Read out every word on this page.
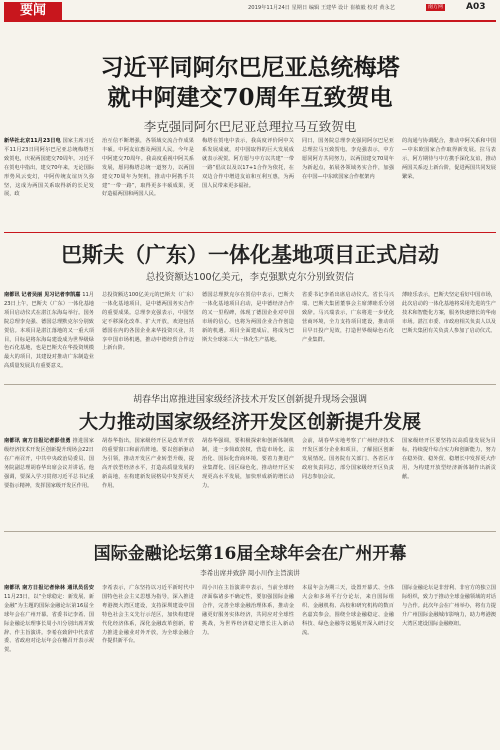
要闻	2019年11月24日 星期日 编辑 王建华 设计 崔敏毅 校对 黄永艺	南方网	A03
习近平同阿尔巴尼亚总统梅塔
就中阿建交70周年互致贺电
李克强同阿尔巴尼亚总理拉马互致贺电
新华社北京11月23日电 国家主席习近平11月23日同阿尔巴尼亚总统梅塔互致贺电，庆祝两国建交70周年。习近平在贺电中指出，建交70年来，无论国际形势风云变幻，中阿传统友谊历久弥坚，这成为两国关系取得新的长足发展，政
治互信不断增强，各领域交流合作成果丰硕。中阿友谊惠及两国人民。今年是中阿建交70周年。我高度重视中阿关系发展，愿同梅塔总统一道努力，以两国建交70周年为契机，推动中阿携手共建“一带一路”，取得更多丰硕成果，更好造福两国和两国人民。
梅塔在贺电中表示，我高度评价阿中关系发展成就，对中国取得的巨大发展成就表示祝贺。阿方愿与中方以共建“一带一路”倡议以及以17+1合作为依托，在双边合作中增进友谊和互利互惠，为两国人民带来更多福祉。
同日，国务院总理李克强同阿尔巴尼亚总理拉马互致贺电。李克强表示，中方愿同阿方共同努力，以两国建交70周年为新起点，拓展各领域务实合作，加强在中国—中东欧国家合作框架内
的沟通与协调配合，推动中阿关系和中国—中东欧国家合作取得新发展。拉马表示，阿方期待与中方携手深化友谊，推动两国关系迈上新台阶，促进两国共同发展繁荣。
巴斯夫（广东）一体化基地项目正式启动
总投资额达100亿美元，李克强默克尔分别致贺信
南都讯 记者吴丽 见习记者李凯嘉 11月23日上午，巴斯夫（广东）一体化基地项目启动仪式在湛江东海岛举行。国务院总理李克强、德国总理默克尔分别致贺信。本项目是湛江落地的又一重大项目，目标是将东海岛建设成为世界级绿色石化基地，也是巴斯夫在华投资规模最大的项目，其建设对推动广东制造业高质量发展具有重要意义。
总投资额达100亿美元的巴斯夫（广东）一体化基地项目，是中德两国务实合作的重要成果。总理李克强表示，中国坚定不移深化改革、扩大开放，欢迎包括德国在内的各国企业来华投资兴业，共享中国市场机遇，推动中德经贸合作迈上新台阶。
德国总理默克尔在贺信中表示，巴斯夫一体化基地项目启动，是中德经济合作的又一里程碑，体现了德国企业对中国市场的信心，也将为两国企业合作创造新的机遇。项目全面建成后，将成为巴斯夫全球第三大一体化生产基地。
省委书记李希出席启动仪式。省长马兴瑞、巴斯夫集团董事会主席薄睦乐分别致辞。马兴瑞表示，广东将进一步优化营商环境，全力支持项目建设，推动项目早日投产见效，打造世界级绿色石化产业集群。
薄睦乐表示，巴斯夫坚定看好中国市场，此次启动的一体化基地将采用先进的生产技术和智能化方案，服务快速增长的华南市场。湛江市委、市政府相关负责人以及巴斯夫集团有关负责人参加了启动仪式。
胡春华出席推进国家级经济技术开发区创新提升现场会强调
大力推动国家级经济开发区创新提升发展
南都讯 南方日报记者彭佳勇 推进国家级经济技术开发区创新提升现场会22日在广州召开，中共中央政治局委员、国务院副总理胡春华出席会议并讲话。他强调，要深入学习贯彻习近平总书记重要指示精神，发挥国家级开发区作用。
胡春华指出，国家级经开区是改革开放的重要窗口和前沿阵地。要以创新驱动为引领，推动开发区产业转型升级，提高开放型经济水平，打造高质量发展的新高地，在构建新发展格局中发挥更大作用。
胡春华强调，要积极探索和创新体制机制，进一步简政放权，营造市场化、法治化、国际化营商环境。要着力推进产业集群化、园区绿色化，推动经开区实现更高水平发展，加快形成新的增长动力。
会前，胡春华实地考察了广州经济技术开发区部分企业和项目，了解园区创新发展情况。国务院有关部门、各省区市政府负责同志，部分国家级经开区负责同志参加会议。
国家级经开区要坚持以高质量发展为目标，持续提升综合实力和创新能力，努力在稳外资、稳外贸、稳增长中发挥更大作用，为构建开放型经济新体制作出新贡献。
国际金融论坛第16届全球年会在广州开幕
李希出席并致辞 周小川作主旨演讲
南都讯 南方日报记者徐林 通讯员岳安 11月23日，以“全球稳定：新发展、新金融”为主题的国际金融论坛第16届全球年会在广州开幕。省委书记李希、国际金融论坛理事长周小川分别出席并致辞、作主旨演讲。李希在致辞中代表省委、省政府对论坛年会在穗召开表示祝贺。
李希表示，广东坚持以习近平新时代中国特色社会主义思想为指导，深入推进粤港澳大湾区建设，支持深圳建设中国特色社会主义先行示范区，加快构建现代化经济体系，深化金融改革创新，着力推进金融业对外开放，为全球金融合作提供新平台。
周小川在主旨演讲中表示，当前全球经济面临诸多不确定性，要加强国际金融合作，完善全球金融治理体系，推动金融更好服务实体经济，共同应对全球性挑战，为世界经济稳定增长注入新动力。
本届年会为期三天，设置开幕式、全体大会和多场平行分论坛，来自国际组织、金融机构、高校和研究机构的数百名嘉宾参会，围绕全球金融稳定、金融科技、绿色金融等议题展开深入研讨交流。
国际金融论坛是非营利、非官方的独立国际组织，致力于推动全球金融领域的对话与合作。此次年会在广州举办，将有力提升广州国际金融城市影响力，助力粤港澳大湾区建设国际金融枢纽。
